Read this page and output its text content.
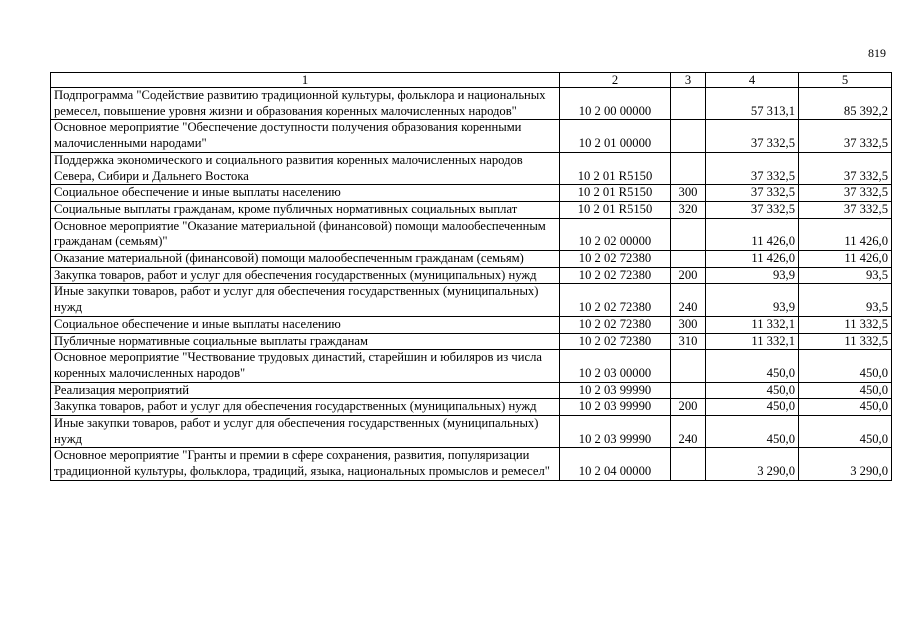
819
1	2	3	4	5
Подпрограмма "Содействие развитию традиционной культуры, фольклора и национальных ремесел, повышение уровня жизни и образования коренных малочисленных народов"	10 2 00 00000		57 313,1	85 392,2
Основное мероприятие "Обеспечение доступности получения образования коренными малочисленными народами"	10 2 01 00000		37 332,5	37 332,5
Поддержка экономического и социального развития коренных малочисленных народов Севера, Сибири и Дальнего Востока	10 2 01 R5150		37 332,5	37 332,5
Социальное обеспечение и иные выплаты населению	10 2 01 R5150	300	37 332,5	37 332,5
Социальные выплаты гражданам, кроме публичных нормативных социальных выплат	10 2 01 R5150	320	37 332,5	37 332,5
Основное мероприятие "Оказание материальной (финансовой) помощи малообеспеченным гражданам (семьям)"	10 2 02 00000		11 426,0	11 426,0
Оказание материальной (финансовой) помощи малообеспеченным гражданам (семьям)	10 2 02 72380		11 426,0	11 426,0
Закупка товаров, работ и услуг для обеспечения государственных (муниципальных) нужд	10 2 02 72380	200	93,9	93,5
Иные закупки товаров, работ и услуг для обеспечения государственных (муниципальных) нужд	10 2 02 72380	240	93,9	93,5
Социальное обеспечение и иные выплаты населению	10 2 02 72380	300	11 332,1	11 332,5
Публичные нормативные социальные выплаты гражданам	10 2 02 72380	310	11 332,1	11 332,5
Основное мероприятие "Чествование трудовых династий, старейшин и юбиляров из числа коренных малочисленных народов"	10 2 03 00000		450,0	450,0
Реализация мероприятий	10 2 03 99990		450,0	450,0
Закупка товаров, работ и услуг для обеспечения государственных (муниципальных) нужд	10 2 03 99990	200	450,0	450,0
Иные закупки товаров, работ и услуг для обеспечения государственных (муниципальных) нужд	10 2 03 99990	240	450,0	450,0
Основное мероприятие "Гранты и премии в сфере сохранения, развития, популяризации традиционной культуры, фольклора, традиций, языка, национальных промыслов и ремесел"	10 2 04 00000		3 290,0	3 290,0
